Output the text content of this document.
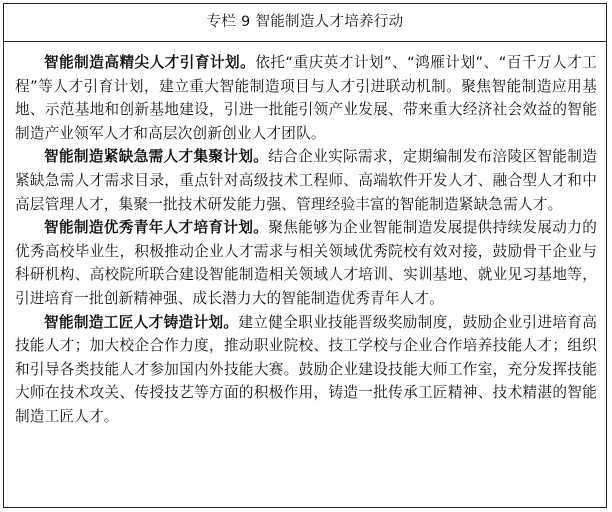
专栏 9 智能制造人才培养行动

智能制造高精尖人才引育计划。依托“重庆英才计划”、“鸿雁计划”、“百千万人才工程”等人才引育计划，建立重大智能制造项目与人才引进联动机制。聚焦智能制造应用基地、示范基地和创新基地建设，引进一批能引领产业发展、带来重大经济社会效益的智能制造产业领军人才和高层次创新创业人才团队。

智能制造紧缺急需人才集聚计划。结合企业实际需求，定期编制发布涪陵区智能制造紧缺急需人才需求目录，重点针对高级技术工程师、高端软件开发人才、融合型人才和中高层管理人才，集聚一批技术研发能力强、管理经验丰富的智能制造紧缺急需人才。

智能制造优秀青年人才培育计划。聚焦能够为企业智能制造发展提供持续发展动力的优秀高校毕业生，积极推动企业人才需求与相关领域优秀院校有效对接，鼓励骨干企业与科研机构、高校院所联合建设智能制造相关领域人才培训、实训基地、就业见习基地等，引进培育一批创新精神强、成长潜力大的智能制造优秀青年人才。

智能制造工匠人才铸造计划。建立健全职业技能晋级奖励制度，鼓励企业引进培育高技能人才；加大校企合作力度，推动职业院校、技工学校与企业合作培养技能人才；组织和引导各类技能人才参加国内外技能大赛。鼓励企业建设技能大师工作室，充分发挥技能大师在技术攻关、传授技艺等方面的积极作用，铸造一批传承工匠精神、技术精湛的智能制造工匠人才。
